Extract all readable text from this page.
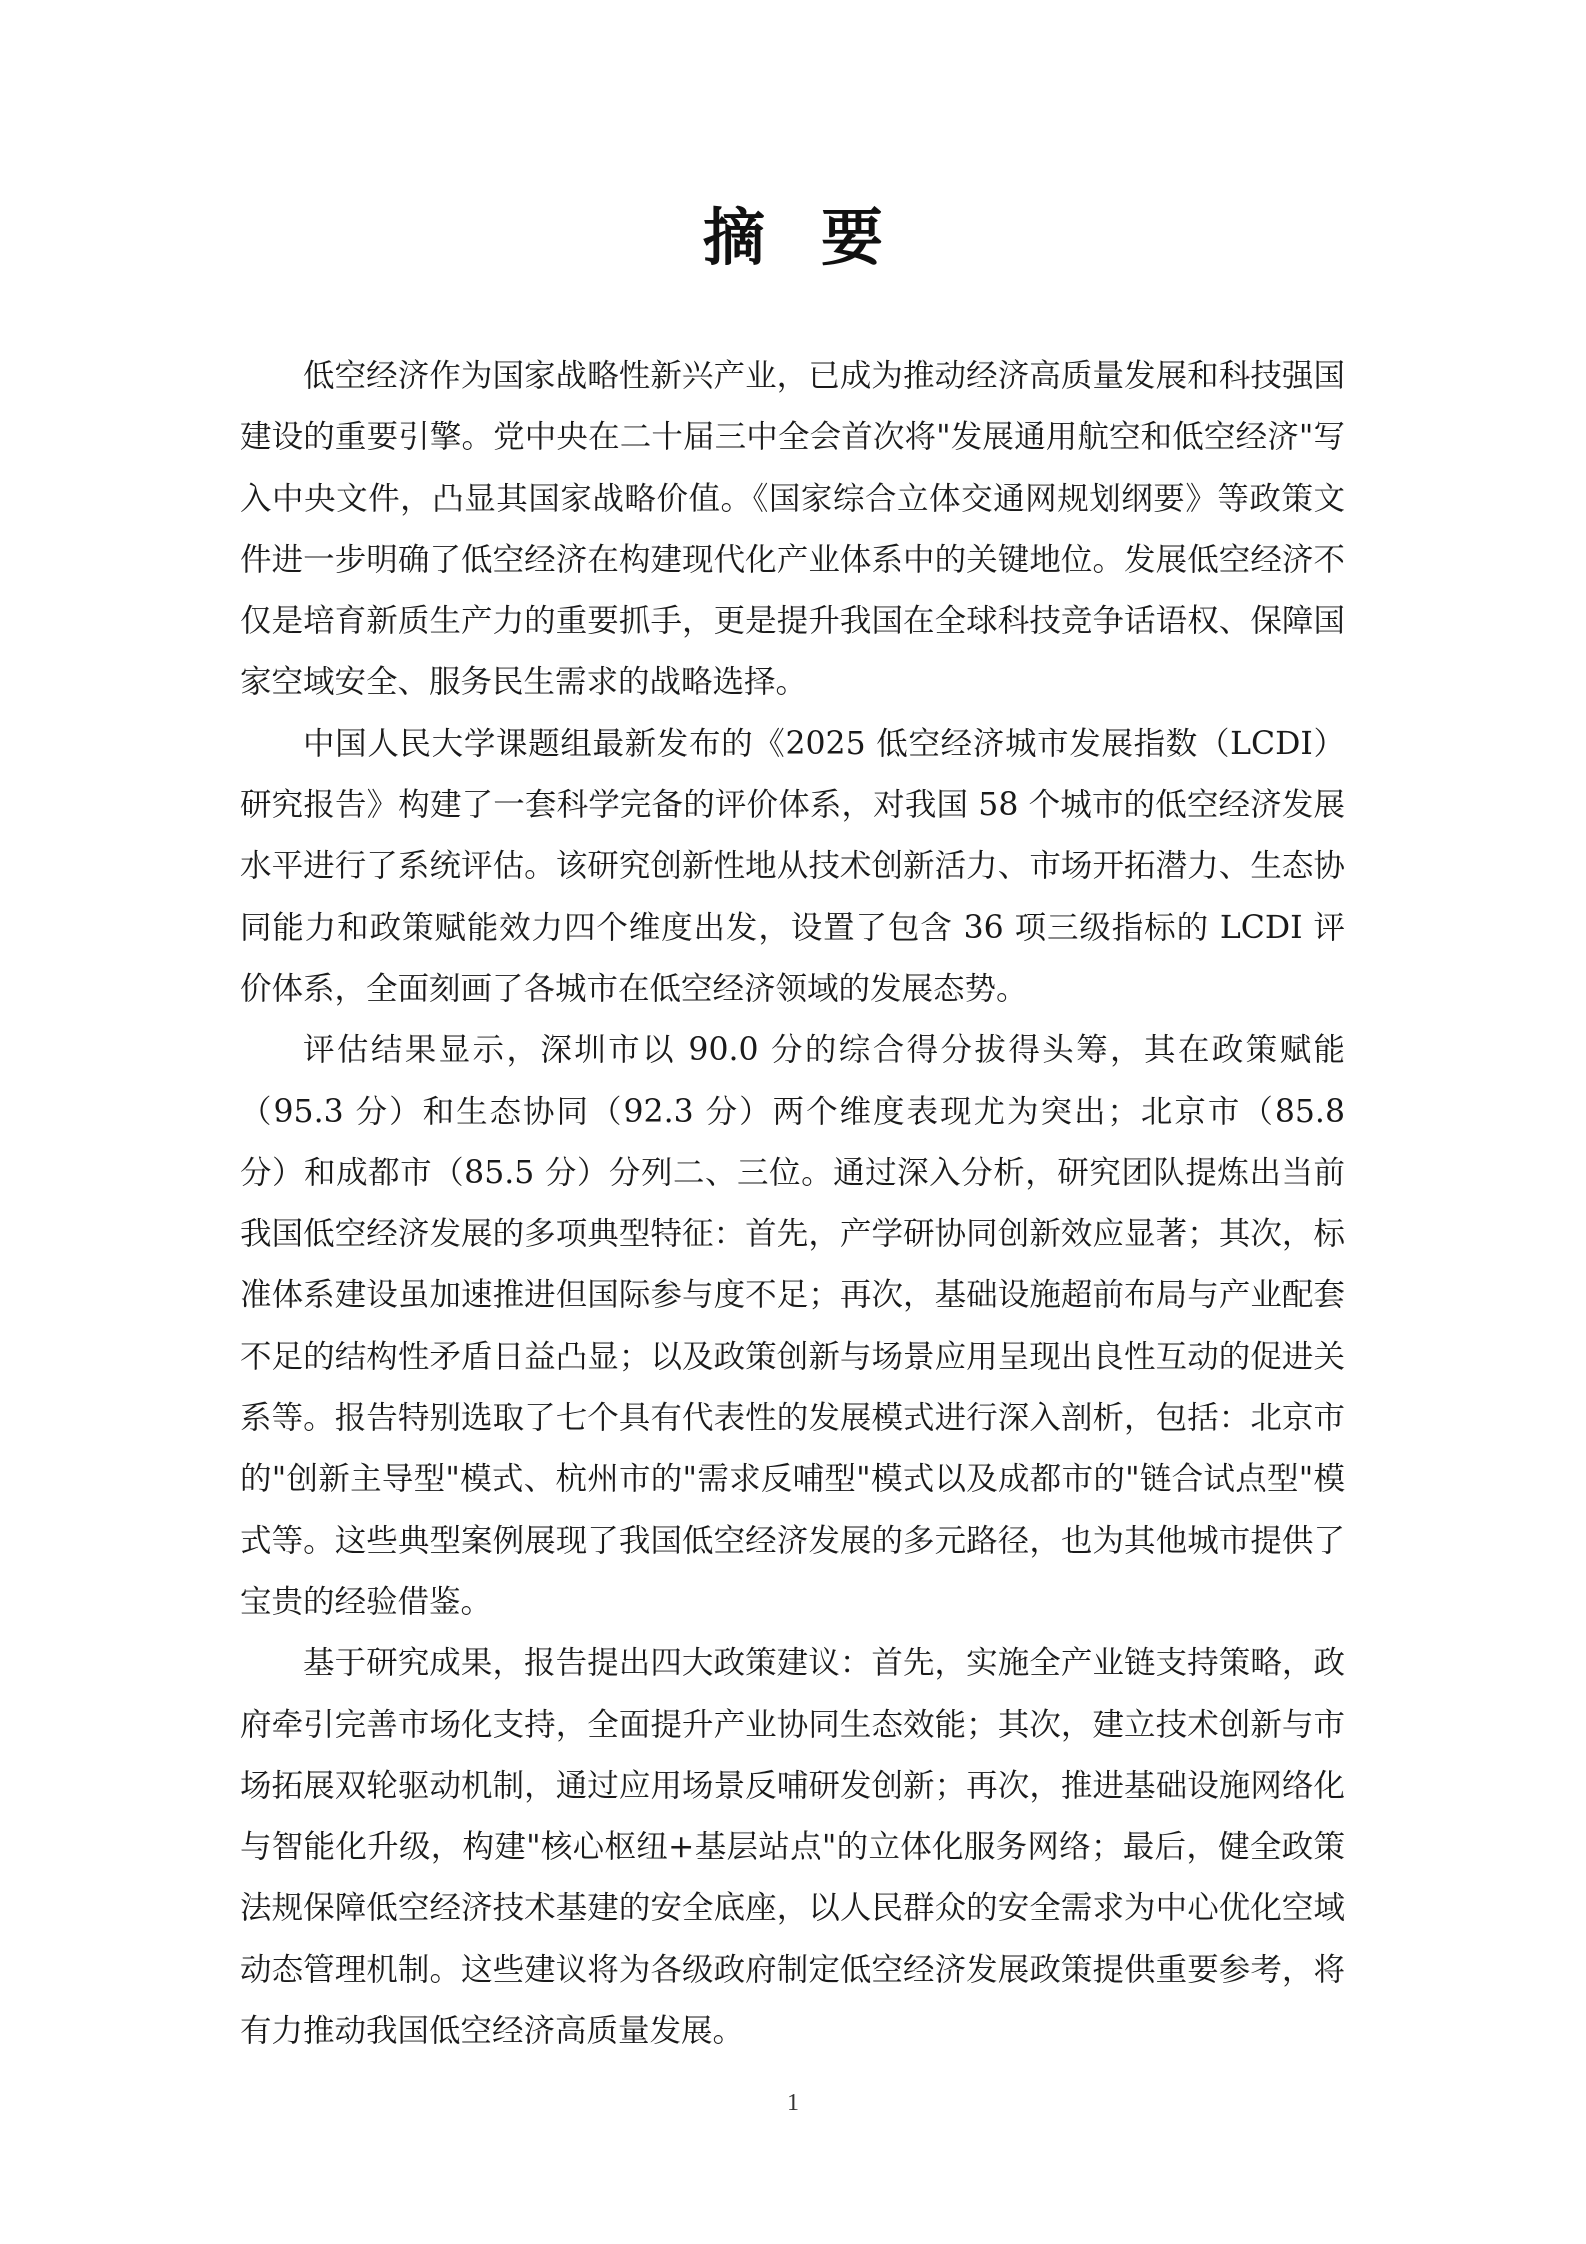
摘要

低空经济作为国家战略性新兴产业，已成为推动经济高质量发展和科技强国建设的重要引擎。党中央在二十届三中全会首次将"发展通用航空和低空经济"写入中央文件，凸显其国家战略价值。《国家综合立体交通网规划纲要》等政策文件进一步明确了低空经济在构建现代化产业体系中的关键地位。发展低空经济不仅是培育新质生产力的重要抓手，更是提升我国在全球科技竞争话语权、保障国家空域安全、服务民生需求的战略选择。

中国人民大学课题组最新发布的《2025 低空经济城市发展指数（LCDI）研究报告》构建了一套科学完备的评价体系，对我国 58 个城市的低空经济发展水平进行了系统评估。该研究创新性地从技术创新活力、市场开拓潜力、生态协同能力和政策赋能效力四个维度出发，设置了包含 36 项三级指标的 LCDI 评价体系，全面刻画了各城市在低空经济领域的发展态势。

评估结果显示，深圳市以 90.0 分的综合得分拔得头筹，其在政策赋能（95.3 分）和生态协同（92.3 分）两个维度表现尤为突出；北京市（85.8 分）和成都市（85.5 分）分列二、三位。通过深入分析，研究团队提炼出当前我国低空经济发展的多项典型特征：首先，产学研协同创新效应显著；其次，标准体系建设虽加速推进但国际参与度不足；再次，基础设施超前布局与产业配套不足的结构性矛盾日益凸显；以及政策创新与场景应用呈现出良性互动的促进关系等。报告特别选取了七个具有代表性的发展模式进行深入剖析，包括：北京市的"创新主导型"模式、杭州市的"需求反哺型"模式以及成都市的"链合试点型"模式等。这些典型案例展现了我国低空经济发展的多元路径，也为其他城市提供了宝贵的经验借鉴。

基于研究成果，报告提出四大政策建议：首先，实施全产业链支持策略，政府牵引完善市场化支持，全面提升产业协同生态效能；其次，建立技术创新与市场拓展双轮驱动机制，通过应用场景反哺研发创新；再次，推进基础设施网络化与智能化升级，构建"核心枢纽+基层站点"的立体化服务网络；最后，健全政策法规保障低空经济技术基建的安全底座，以人民群众的安全需求为中心优化空域动态管理机制。这些建议将为各级政府制定低空经济发展政策提供重要参考，将有力推动我国低空经济高质量发展。

1
